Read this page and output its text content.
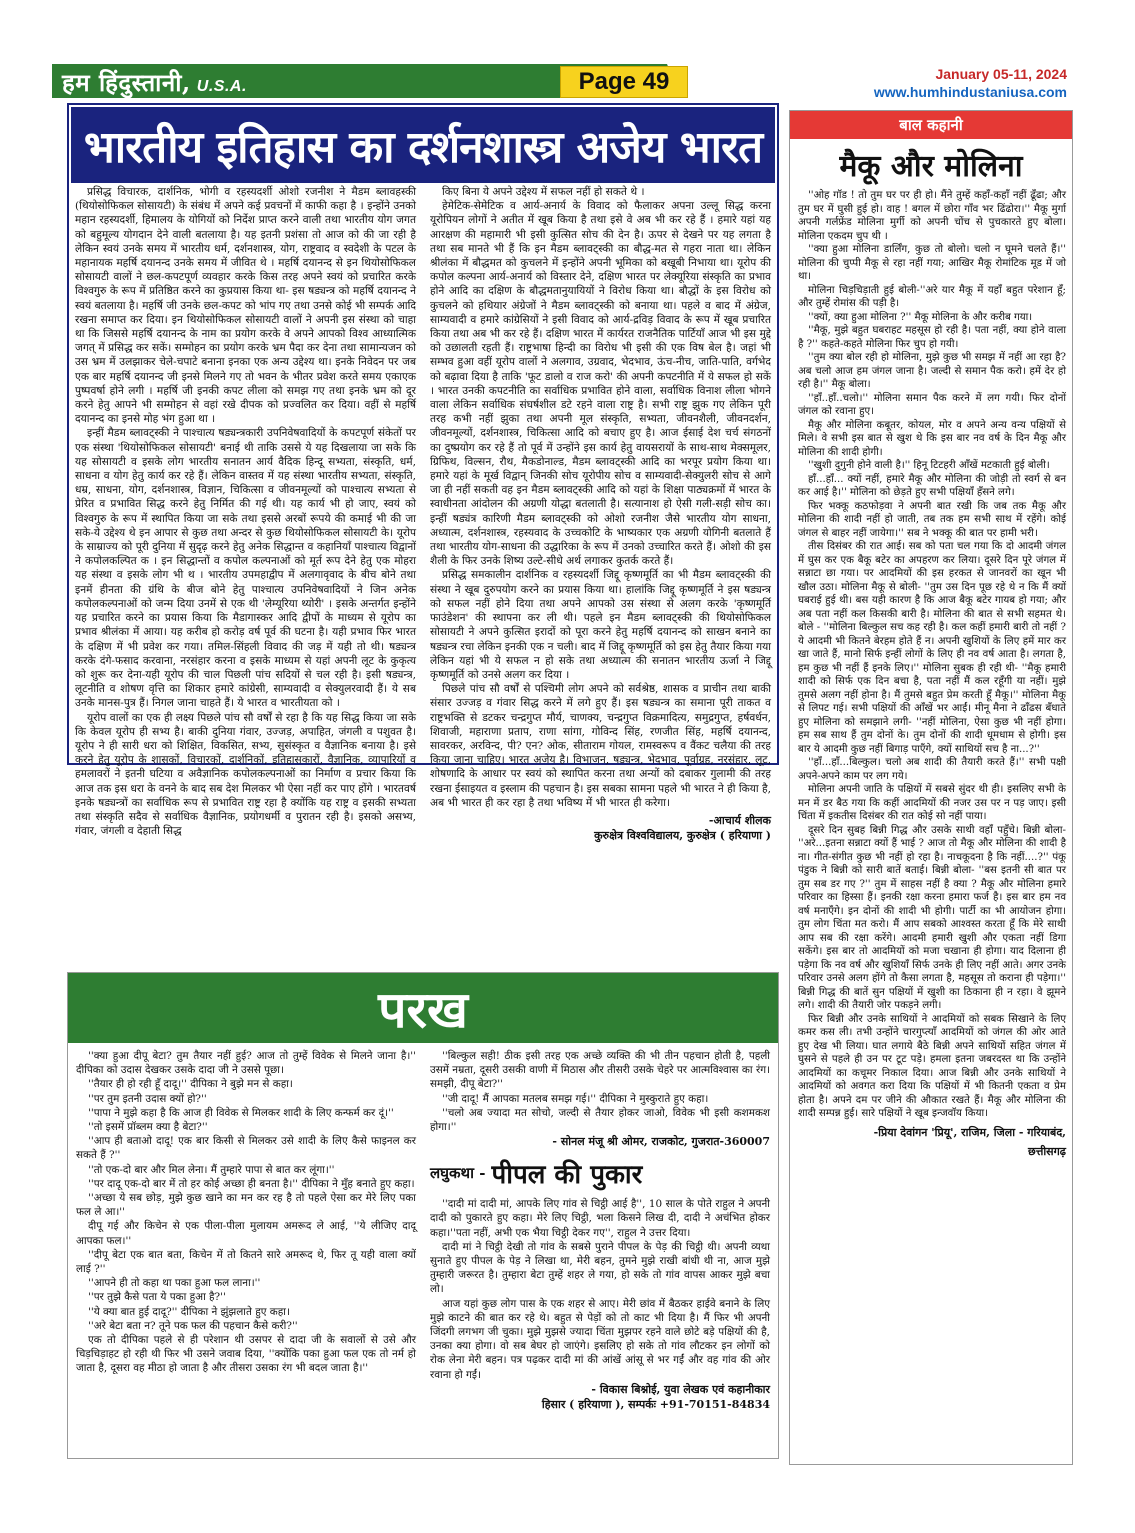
हम हिंदुस्तानी, U.S.A.	Page 49	January 05-11, 2024
www.humhindustaniusa.com
भारतीय इतिहास का दर्शनशास्त्र अजेय भारत

प्रसिद्ध विचारक, दार्शनिक, भोगी व रहस्यदर्शी ओशो रजनीश ने मैडम ब्लावहस्की (थियोसोफिकल सोसायटी) के संबंध में अपने कई प्रवचनों में काफी कहा है । इन्होंने उनको महान रहस्यदर्शी, हिमालय के योगियों को निर्देश प्राप्त करने वाली तथा भारतीय योग जगत को बहुमूल्य योगदान देने वाली बतलाया है। यह इतनी प्रशंसा तो आज को की जा रही है लेकिन स्वयं उनके समय में भारतीय धर्म, दर्शनशास्त्र, योग, राष्ट्रवाद व स्वदेशी के पटल के महानायक महर्षि दयानन्द उनके समय में जीवित थे । महर्षि दयानन्द से इन थियोसोफिकल सोसायटी वालों ने छल-कपटपूर्ण व्यवहार करके किस तरह अपने स्वयं को प्रचारित करके विश्वगुरु के रूप में प्रतिष्ठित करने का कुप्रयास किया था- इस षड्यन्त्र को महर्षि दयानन्द ने स्वयं बतलाया है। महर्षि जी उनके छल-कपट को भांप गए तथा उनसे कोई भी सम्पर्क आदि रखना समाप्त कर दिया। इन थियोसोफिकल सोसायटी वालों ने अपनी इस संस्था को चाहा था कि जिससे महर्षि दयानन्द के नाम का प्रयोग करके वे अपने आपको विश्व आध्यात्मिक जगत् में प्रसिद्ध कर सकें। सम्मोहन का प्रयोग करके भ्रम पैदा कर देना तथा सामान्यजन को उस भ्रम में उलझाकर चेले-चपाटे बनाना इनका एक अन्य उद्देश्य था। इनके निवेदन पर जब एक बार महर्षि दयानन्द जी इनसे मिलने गए तो भवन के भीतर प्रवेश करते समय एकाएक पुष्पवर्षा होने लगी । महर्षि जी इनकी कपट लीला को समझ गए तथा इनके भ्रम को दूर करने हेतु आपने भी सम्मोहन से वहां रखे दीपक को प्रज्वलित कर दिया। वहीं से महर्षि दयानन्द का इनसे मोह भंग हुआ था ।

इन्हीं मैडम ब्लावट्स्की ने पाश्चात्य षड्यन्त्रकारी उपनिवेषवादियों के कपटपूर्ण संकेतों पर एक संस्था 'थियोसोफिकल सोसायटी' बनाई थी ताकि उससे ये यह दिखलाया जा सके कि यह सोसायटी व इसके लोग भारतीय सनातन आर्य वैदिक हिन्दू सभ्यता, संस्कृति, धर्म, साधना व योग हेतु कार्य कर रहे हैं। लेकिन वास्तव में यह संस्था भारतीय सभ्यता, संस्कृति, धम्र, साधना, योग, दर्शनशास्त्र, विज्ञान, चिकित्सा व जीवनमूल्यों को पाश्चात्य सभ्यता से प्रेरित व प्रभावित सिद्ध करने हेतु निर्मित की गई थी। यह कार्य भी हो जाए, स्वयं को विश्वगुरु के रूप में स्थापित किया जा सके तथा इससे अरबों रूपये की कमाई भी की जा सके-ये उद्देश्य थे इन आपार से कुछ तथा अन्दर से कुछ थियोसोफिकल सोसायटी के। यूरोप के साम्राज्य को पूरी दुनिया में सुदृढ़ करने हेतु अनेक सिद्धान्त व कहानियाँ पाश्चात्य विद्वानों ने कपोलकल्पित क । इन सिद्धान्तों व कपोल कल्पनाओं को मूर्त रूप देने हेतु एक मोहरा यह संस्था व इसके लोग भी थ । भारतीय उपमहाद्वीप में अलगावृवाद के बीच बोने तथा इनमें हीनता की ग्रंथि के बीज बोने हेतु पाश्चात्य उपनिवेषवादियों ने जिन अनेक कपोलकल्पनाओं को जन्म दिया उनमें से एक थी 'लेम्यूरिया थ्योरी' । इसके अन्तर्गत इन्होंने यह प्रचारित करने का प्रयास किया कि मैडागास्कर आदि द्वीपों के माध्यम से यूरोप का प्रभाव श्रीलंका में आया। यह करीब हो करोड़ वर्ष पूर्व की घटना है। यही प्रभाव फिर भारत के दक्षिण में भी प्रवेश कर गया। तमिल-सिंहली विवाद की जड़ में यही तो थी। षड्यन्त्र करके दंगे-फसाद करवाना, नरसंहार करना व इसके माध्यम से यहां अपनी लूट के कुकृत्य को शुरू कर देना-यही यूरोप की चाल पिछली पांच सदियों से चल रही है। इसी षड्यन्त्र, लूटनीति व शोषण वृत्ति का शिकार हमारे कांग्रेसी, साम्यवादी व सेक्युलरवादी हैं। ये सब उनके मानस-पुत्र हैं। निगल जाना चाहते हैं। ये भारत व भारतीयता को ।

यूरोप वालों का एक ही लक्ष्य पिछले पांच सौ वर्षों से रहा है कि यह सिद्ध किया जा सके कि केवल यूरोप ही सभ्य है। बाकी दुनिया गंवार, उज्जड़, अपाहित, जंगली व पशुवत है। यूरोप ने ही सारी धरा को शिक्षित, विकसित, सभ्य, सुसंस्कृत व वैज्ञानिक बनाया है। इसे करने हेतु यूरोप के शासकों, विचारकों, दार्शनिकों, इतिहासकारों, वैज्ञानिक, व्यापारियों व हमलावरों ने इतनी घटिया व अवैज्ञानिक कपोलकल्पनाओं का निर्माण व प्रचार किया कि आज तक इस धरा के वनने के बाद सब देश मिलकर भी ऐसा नहीं कर पाए होंगे । भारतवर्ष इनके षड्यन्त्रों का सर्वाधिक रूप से प्रभावित राष्ट्र रहा है क्योंकि यह राष्ट्र व इसकी सभ्यता तथा संस्कृति सदैव से सर्वाधिक वैज्ञानिक, प्रयोगधर्मी व पुरातन रही है। इसको असभ्य, गंवार, जंगली व देहाती सिद्ध

किए बिना ये अपने उद्देश्य में सफल नहीं हो सकते थे ।

हेमेटिक-सेमेटिक व आर्य-अनार्य के विवाद को फैलाकर अपना उल्लू सिद्ध करना यूरोपियन लोगों ने अतीत में खूब किया है तथा इसे वे अब भी कर रहे हैं । हमारे यहां यह आरक्षण की महामारी भी इसी कुत्सित सोच की देन है। ऊपर से देखने पर यह लगता है तथा सब मानते भी हैं कि इन मैडम ब्लावट्स्की का बौद्ध-मत से गहरा नाता था। लेकिन श्रीलंका में बौद्धमत को कुचलने में इन्होंने अपनी भूमिका को बखूबी निभाया था। यूरोप की कपोल कल्पना आर्य-अनार्य को विस्तार देने, दक्षिण भारत पर लेक्यूरिया संस्कृति का प्रभाव होने आदि का दक्षिण के बौद्धमतानुयायियों ने विरोध किया था। बौद्धों के इस विरोध को कुचलने को हथियार अंग्रेजों ने मैडम ब्लावट्स्की को बनाया था। पहले व बाद में अंग्रेज, साम्यवादी व हमारे कांग्रेसियों ने इसी विवाद को आर्य-द्रविड़ विवाद के रूप में खूब प्रचारित किया तथा अब भी कर रहे हैं। दक्षिण भारत में कार्यरत राजनैतिक पार्टियाँ आज भी इस मुद्दे को उछालती रहती हैं। राष्ट्रभाषा हिन्दी का विरोध भी इसी की एक विष बेल है। जहां भी सम्भव हुआ वहीं यूरोप वालों ने अलगाव, उग्रवाद, भेदभाव, ऊंच-नीच, जाति-पाति, वर्गभेद को बढ़ावा दिया है ताकि 'फूट डालो व राज करो' की अपनी कपटनीति में ये सफल हो सकें । भारत उनकी कपटनीति का सर्वाधिक प्रभावित होने वाला, सर्वाधिक विनाश लीला भोगने वाला लेकिन सर्वाधिक संघर्षशील डटे रहने वाला राष्ट्र है। सभी राष्ट्र झुक गए लेकिन पूरी तरह कभी नहीं झुका तथा अपनी मूल संस्कृति, सभ्यता, जीवनशैली, जीवनदर्शन, जीवनमूल्यों, दर्शनशास्त्र, चिकित्सा आदि को बचाए हुए है। आज ईसाई देश चर्च संगठनों का दुष्प्रयोग कर रहे हैं तो पूर्व में उन्होंने इस कार्य हेतु वायसरायों के साथ-साथ मेक्समूलर, ग्रिफिथ, विल्सन, रौथ, मैकडोनाल्ड, मैडम ब्लावट्स्की आदि का भरपूर प्रयोग किया था। हमारे यहां के मूर्ख विद्वान् जिनकी सोच यूरोपीय सोच व साम्यवादी-सेक्युलरी सोच से आगे जा ही नहीं सकती वह इन मैडम ब्लावट्स्की आदि को यहां के शिक्षा पाठ्यक्रमों में भारत के स्वाधीनता आंदोलन की अग्रणी योद्धा बतलाती है। सत्यानाश हो ऐसी गली-सड़ी सोच का। इन्हीं षड्यंत्र कारिणी मैडम ब्लावट्स्की को ओशो रजनीश जैसे भारतीय योग साधना, अध्यात्म, दर्शनशास्त्र, रहस्यवाद के उच्चकोटि के भाष्यकार एक अग्रणी योगिनी बतलाते हैं तथा भारतीय योग-साधना की उद्धारिका के रूप में उनको उच्चारित करते हैं। ओशो की इस शैली के फिर उनके शिष्य उल्टे-सीधे अर्थ लगाकर कुतर्क करते हैं।

प्रसिद्ध समकालीन दार्शनिक व रहस्यदर्शी जिद्दू कृष्णमूर्ति का भी मैडम ब्लावट्स्की की संस्था ने खूब दुरुपयोग करने का प्रयास किया था। हालांकि जिद्दू कृष्णमूर्ति ने इस षड्यन्त्र को सफल नहीं होने दिया तथा अपने आपको उस संस्था से अलग करके 'कृष्णमूर्ति फाउंडेशन' की स्थापना कर ली थी। पहले इन मैडम ब्लावट्स्की की थियोसोफिकल सोसायटी ने अपने कुत्सित इरादों को पूरा करने हेतु महर्षि दयानन्द को साखन बनाने का षड्यन्त्र रचा लेकिन इनकी एक न चली। बाद में जिद्दू कृष्णमूर्ति को इस हेतु तैयार किया गया लेकिन यहां भी ये सफल न हो सके तथा अध्यात्म की सनातन भारतीय ऊर्जा ने जिद्दू कृष्णमूर्ति को उनसे अलग कर दिया ।

पिछले पांच सौ वर्षों से पश्चिमी लोग अपने को सर्वश्रेष्ठ, शासक व प्राचीन तथा बाकी संसार उज्जड़ व गंवार सिद्ध करने में लगे हुए हैं। इस षड्यन्त्र का समाना पूरी ताकत व राष्ट्रभक्ति से डटकर चन्द्रगुप्त मौर्य, चाणक्य, चन्द्रगुप्त विक्रमादित्य, समुद्रगुप्त, हर्षवर्धन, शिवाजी, महाराणा प्रताप, राणा सांगा, गोविन्द सिंह, रणजीत सिंह, महर्षि दयानन्द, सावरकर, अरविन्द, पी? एन? ओक, सीताराम गोयल, रामस्वरूप व वैंकट चलैया की तरह किया जाना चाहिए। भारत अजेय है। विभाजन, षड्यन्त्र, भेदभाव, पूर्वाग्रह, नरसंहार, लूट, शोषणादि के आधार पर स्वयं को स्थापित करना तथा अन्यों को दबाकर गुलामी की तरह रखना ईसाइयत व इस्लाम की पहचान है। इस सबका सामना पहले भी भारत ने ही किया है, अब भी भारत ही कर रहा है तथा भविष्य में भी भारत ही करेगा।

-आचार्य शीलक
कुरुक्षेत्र विश्वविद्यालय, कुरुक्षेत्र ( हरियाणा )
बाल कहानी
मैकू और मोलिना

''ओह गॉड ! तो तुम घर पर ही हो। मैंने तुम्हें कहाँ-कहाँ नहीं ढूँढा; और तुम घर में घुसी हुई हो। वाह ! बगल में छोरा गाँव भर ढिंढोरा।'' मैकू मुर्गा अपनी गर्लफ्रेंड मोलिना मुर्गी को अपनी चोंच से पुचकारते हुए बोला। मोलिना एकदम चुप थी ।

''क्या हुआ मोलिना डार्लिंग, कुछ तो बोलो। चलो न घूमने चलते हैं।'' मोलिना की चुप्पी मैकू से रहा नहीं गया; आखिर मैकू रोमांटिक मूड में जो था।

मोलिना चिड़चिड़ाती हुई बोली-''अरे यार मैकू में यहाँ बहुत परेशान हूँ; और तुम्हें रोमांस की पड़ी है।

''क्यों, क्या हुआ मोलिना ?'' मैकू मोलिना के और करीब गया।

''मैकू, मुझे बहुत घबराहट महसूस हो रही है। पता नहीं, क्या होने वाला है ?'' कहते-कहते मोलिना फिर चुप हो गयी।

''तुम क्या बोल रही हो मोलिना, मुझे कुछ भी समझ में नहीं आ रहा है? अब चलो आज हम जंगल जाना है। जल्दी से समान पैक करो। हमें देर हो रही है।'' मैकू बोला।

''हाँ..हाँ..चलो।'' मोलिना समान पैक करने में लग गयी। फिर दोनों जंगल को रवाना हुए।

मैकू और मोलिना कबूतर, कोयल, मोर व अपने अन्य वन्य पक्षियों से मिले। वे सभी इस बात से खुश थे कि इस बार नव वर्ष के दिन मैकू और मोलिना की शादी होगी।

''खुशी दुगुनी होने वाली है।'' हिनू टिटहरी आँखें मटकाती हुई बोली।

हाँ...हाँ... क्यों नहीं, हमारे मैकू और मोलिना की जोड़ी तो स्वर्ग से बन कर आई है।'' मोलिना को छेड़ते हुए सभी पक्षियाँ हँसने लगे।

फिर भक्कू कठफोड़वा ने अपनी बात रखी कि जब तक मैकू और मोलिना की शादी नहीं हो जाती, तब तक हम सभी साथ में रहेंगे। कोई जंगल से बाहर नहीं जायेगा।'' सब ने भक्कू की बात पर हामी भरी।

तीस दिसंबर की रात आई। सब को पता चल गया कि दो आदमी जंगल में घुस कर एक बैकू बटेर का अपहरण कर लिया। दूसरे दिन पूरे जंगल में सन्नाटा छा गया। पर आदमियों की इस हरकत से जानवरों का खून भी खौल उठा। मोलिना मैकू से बोली- ''तुम उस दिन पूछ रहे थे न कि मैं क्यों घबराई हुई थी। बस यही कारण है कि आज बैकू बटेर गायब हो गया; और अब पता नहीं कल किसकी बारी है। मोलिना की बात से सभी सहमत थे। बोले - ''मोलिना बिल्कुल सच कह रही है। कल कहीं हमारी बारी तो नहीं ? ये आदमी भी कितने बेरहम होते हैं न। अपनी खुशियों के लिए हमें मार कर खा जाते हैं, मानो सिर्फ इन्हीं लोगों के लिए ही नव वर्ष आता है। लगता है, हम कुछ भी नहीं हैं इनके लिए।'' मोलिना सुबक ही रही थी- ''मैकू हमारी शादी को सिर्फ एक दिन बचा है, पता नहीं मैं कल रहूँगी या नहीं। मुझे तुमसे अलग नहीं होना है। मैं तुमसे बहुत प्रेम करती हूँ मैकू।'' मोलिना मैकू से लिपट गई। सभी पक्षियों की आँखें भर आईं। मीनू मैना ने ढाँढस बँधाते हुए मोलिना को समझाने लगी- ''नहीं मोलिना, ऐसा कुछ भी नहीं होगा। हम सब साथ हैं तुम दोनों के। तुम दोनों की शादी धूमधाम से होगी। इस बार ये आदमी कुछ नहीं बिगाड़ पाएँगे, क्यों साथियों सच है ना...?''

''हाँ...हाँ...बिल्कुल। चलो अब शादी की तैयारी करते हैं।'' सभी पक्षी अपने-अपने काम पर लग गये।

मोलिना अपनी जाति के पक्षियों में सबसे सुंदर थी ही। इसलिए सभी के मन में डर बैठ गया कि कहीं आदमियों की नजर उस पर न पड़ जाए। इसी चिंता में इकतीस दिसंबर की रात कोई सो नहीं पाया।

दूसरे दिन सुबह बिन्नी गिद्ध और उसके साथी वहाँ पहुँचे। बिन्नी बोला- ''अरे...इतना सन्नाटा क्यों हैं भाई ? आज तो मैकू और मोलिना की शादी है ना। गीत-संगीत कुछ भी नहीं हो रहा है। नाचकूदना है कि नहीं....?'' पंकू पंडुक ने बिन्नी को सारी बातें बताई। बिन्नी बोला- ''बस इतनी सी बात पर तुम सब डर गए ?'' तुम में साहस नहीं है क्या ? मैकू और मोलिना हमारे परिवार का हिस्सा हैं। इनकी रक्षा करना हमारा फर्ज है। इस बार हम नव वर्ष मनाएँगे। इन दोनों की शादी भी होगी। पार्टी का भी आयोजन होगा। तुम लोग चिंता मत करो। मैं आप सबको आश्वस्त करता हूँ कि मेरे साथी आप सब की रक्षा करेंगे। आदमी हमारी खुशी और एकता नहीं डिगा सकेंगे। इस बार तो आदमियों को मजा चखाना ही होगा। याद दिलाना ही पड़ेगा कि नव वर्ष और खुशियाँ सिर्फ उनके ही लिए नहीं आते। अगर उनके परिवार उनसे अलग होंगे तो कैसा लगता है, महसूस तो कराना ही पड़ेगा।'' बिन्नी गिद्ध की बातें सुन पक्षियों में खुशी का ठिकाना ही न रहा। वे झूमने लगे। शादी की तैयारी जोर पकड़ने लगी।

फिर बिन्नी और उनके साथियों ने आदमियों को सबक सिखाने के लिए कमर कस ली। तभी उन्होंने चारगुप्त्याँ आदमियों को जंगल की ओर आते हुए देख भी लिया। घात लगाये बैठे बिन्नी अपने साथियों सहित जंगल में घुसने से पहले ही उन पर टूट पड़े। हमला इतना जबरदस्त था कि उन्होंने आदमियों का कचूमर निकाल दिया। आज बिन्नी और उनके साथियों ने आदमियों को अवगत करा दिया कि पक्षियों में भी कितनी एकता व प्रेम होता है। अपने दम पर जीने की औकात रखते हैं। मैकू और मोलिना की शादी सम्पन्न हुई। सारे पक्षियों ने खूब इन्जवॉय किया।

-प्रिया देवांगन 'प्रियू', राजिम, जिला - गरियाबंद,
छत्तीसगढ़
परख

''क्या हुआ दीपू बेटा? तुम तैयार नहीं हुई? आज तो तुम्हें विवेक से मिलने जाना है।'' दीपिका को उदास देखकर उसके दादा जी ने उससे पूछा।

''तैयार ही हो रही हूँ दादू।'' दीपिका ने बुझे मन से कहा।

''पर तुम इतनी उदास क्यों हो?''

''पापा ने मुझे कहा है कि आज ही विवेक से मिलकर शादी के लिए कन्फर्म कर दूं।''

''तो इसमें प्रॉब्लम क्या है बेटा?''

''आप ही बताओ दादू! एक बार किसी से मिलकर उसे शादी के लिए कैसे फाइनल कर सकते हैं ?''

''तो एक-दो बार और मिल लेना। मैं तुम्हारे पापा से बात कर लूंगा।''

''पर दादू एक-दो बार में तो हर कोई अच्छा ही बनता है।'' दीपिका ने मुँह बनाते हुए कहा।

''अच्छा ये सब छोड़, मुझे कुछ खाने का मन कर रह है तो पहले ऐसा कर मेरे लिए पका फल ले आ।''

दीपू गई और किचेन से एक पीला-पीला मुलायम अमरूद ले आई, ''ये लीजिए दादू आपका फल।''

''दीपू बेटा एक बात बता, किचेन में तो कितने सारे अमरूद थे, फिर तू यही वाला क्यों लाई ?''

''आपने ही तो कहा था पका हुआ फल लाना।''

''पर तुझे कैसे पता ये पका हुआ है?''

''ये क्या बात हुई दादू?'' दीपिका ने झुंझलाते हुए कहा।

''अरे बेटा बता न? तूने पक फल की पहचान कैसे करी?''

एक तो दीपिका पहले से ही परेशान थी उसपर से दादा जी के सवालों से उसे और चिड़चिड़ाहट हो रही थी फिर भी उसने जवाब दिया, ''क्योंकि पका हुआ फल एक तो नर्म हो जाता है, दूसरा वह मीठा हो जाता है और तीसरा उसका रंग भी बदल जाता है।''

''बिल्कुल सही! ठीक इसी तरह एक अच्छे व्यक्ति की भी तीन पहचान होती है, पहली उसमें नम्रता, दूसरी उसकी वाणी में मिठास और तीसरी उसके चेहरे पर आत्मविश्वास का रंग। समझी, दीपू बेटा?''

''जी दादू! मैं आपका मतलब समझ गई।'' दीपिका ने मुस्कुराते हुए कहा।

''चलो अब ज्यादा मत सोचो, जल्दी से तैयार होकर जाओ, विवेक भी इसी कशमकश होगा।''

- सोनल मंजू श्री ओमर, राजकोट, गुजरात-360007
लघुकथा - पीपल की पुकार

''दादी मां दादी मां, आपके लिए गांव से चिट्ठी आई है'', 10 साल के पोते राहुल ने अपनी दादी को पुकारते हुए कहा। मेरे लिए चिट्ठी, भला किसने लिख दी, दादी ने अचंभित होकर कहा।''पता नहीं, अभी एक भैया चिट्ठी देकर गए'', राहुल ने उत्तर दिया।

दादी मां ने चिट्ठी देखी तो गांव के सबसे पुराने पीपल के पेड़ की चिट्ठी थी। अपनी व्यथा सुनाते हुए पीपल के पेड़ ने लिखा था, मेरी बहन, तुमने मुझे राखी बांधी थी ना, आज मुझे तुम्हारी जरूरत है। तुम्हारा बेटा तुम्हें शहर ले गया, हो सके तो गांव वापस आकर मुझे बचा लो।

आज यहां कुछ लोग पास के एक शहर से आए। मेरी छांव में बैठकर हाईवे बनाने के लिए मुझे काटने की बात कर रहे थे। बहुत से पेड़ों को तो काट भी दिया है। मैं फिर भी अपनी जिंदगी लगभग जी चुका। मुझे मुझसे ज्यादा चिंता मुझपर रहने वाले छोटे बड़े पक्षियों की है, उनका क्या होगा। वो सब बेघर हो जाएंगे। इसलिए हो सके तो गांव लौटकर इन लोगों को रोक लेना मेरी बहन। पत्र पढ़कर दादी मां की आंखें आंसू से भर गईं और वह गांव की ओर रवाना हो गईं।

- विकास बिश्नोई, युवा लेखक एवं कहानीकार
हिसार ( हरियाणा ), सम्पर्कः +91-70151-84834
